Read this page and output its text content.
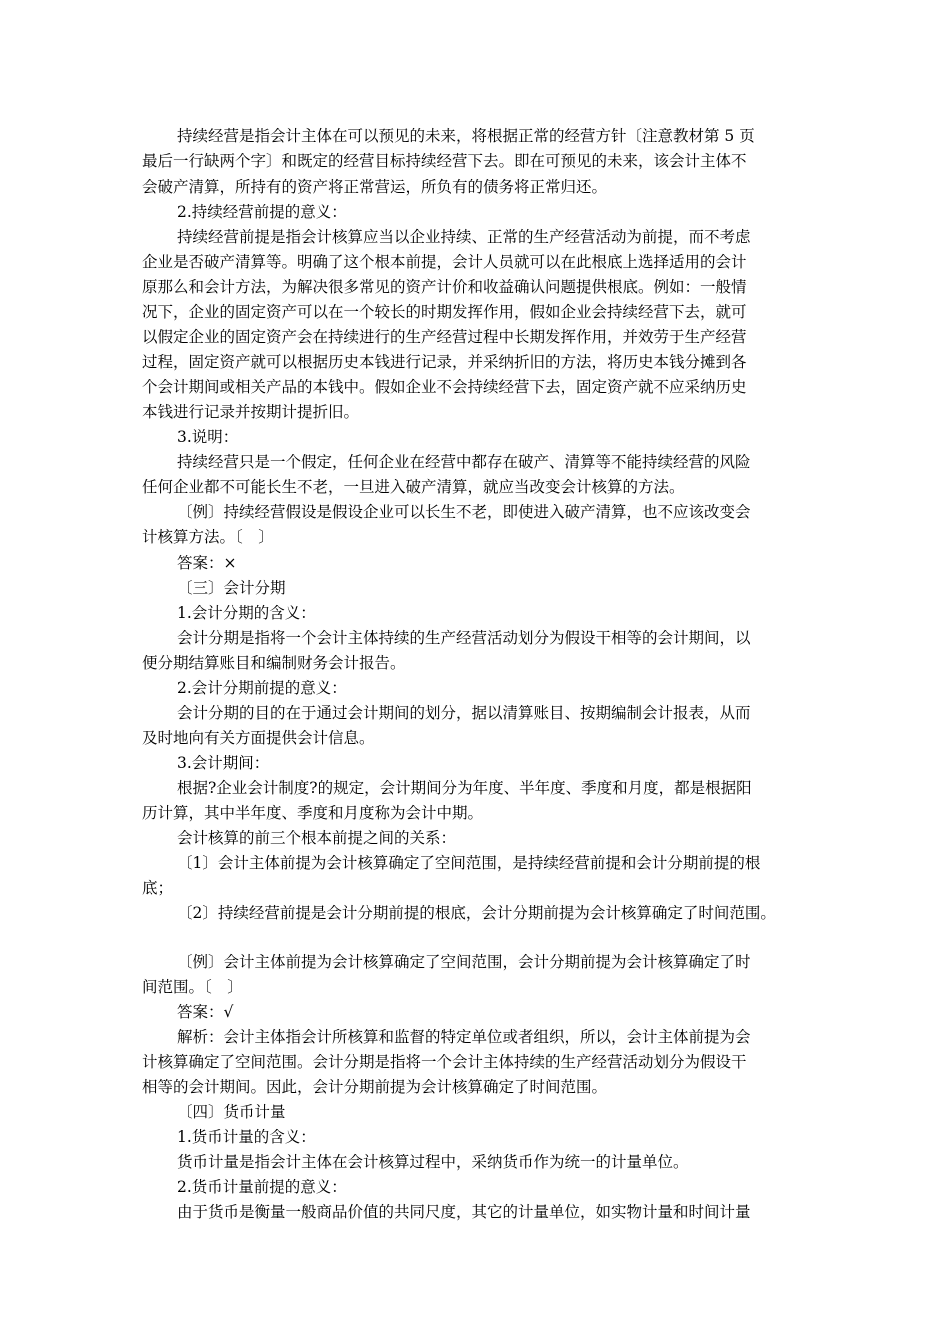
持续经营是指会计主体在可以预见的未来，将根据正常的经营方针〔注意教材第 5 页
最后一行缺两个字〕和既定的经营目标持续经营下去。即在可预见的未来，该会计主体不
会破产清算，所持有的资产将正常营运，所负有的债务将正常归还。
2.持续经营前提的意义：
持续经营前提是指会计核算应当以企业持续、正常的生产经营活动为前提，而不考虑
企业是否破产清算等。明确了这个根本前提，会计人员就可以在此根底上选择适用的会计
原那么和会计方法，为解决很多常见的资产计价和收益确认问题提供根底。例如：一般情
况下，企业的固定资产可以在一个较长的时期发挥作用，假如企业会持续经营下去，就可
以假定企业的固定资产会在持续进行的生产经营过程中长期发挥作用，并效劳于生产经营
过程，固定资产就可以根据历史本钱进行记录，并采纳折旧的方法，将历史本钱分摊到各
个会计期间或相关产品的本钱中。假如企业不会持续经营下去，固定资产就不应采纳历史
本钱进行记录并按期计提折旧。
3.说明：
持续经营只是一个假定，任何企业在经营中都存在破产、清算等不能持续经营的风险
任何企业都不可能长生不老，一旦进入破产清算，就应当改变会计核算的方法。
〔例〕持续经营假设是假设企业可以长生不老，即使进入破产清算，也不应该改变会
计核算方法。〔　〕
答案：×
〔三〕会计分期
1.会计分期的含义：
会计分期是指将一个会计主体持续的生产经营活动划分为假设干相等的会计期间，以
便分期结算账目和编制财务会计报告。
2.会计分期前提的意义：
会计分期的目的在于通过会计期间的划分，据以清算账目、按期编制会计报表，从而
及时地向有关方面提供会计信息。
3.会计期间：
根据?企业会计制度?的规定，会计期间分为年度、半年度、季度和月度，都是根据阳
历计算，其中半年度、季度和月度称为会计中期。
会计核算的前三个根本前提之间的关系：
〔1〕会计主体前提为会计核算确定了空间范围，是持续经营前提和会计分期前提的根
底；
〔2〕持续经营前提是会计分期前提的根底，会计分期前提为会计核算确定了时间范围。
〔例〕会计主体前提为会计核算确定了空间范围，会计分期前提为会计核算确定了时
间范围。〔　〕
答案：√
解析：会计主体指会计所核算和监督的特定单位或者组织，所以，会计主体前提为会
计核算确定了空间范围。会计分期是指将一个会计主体持续的生产经营活动划分为假设干
相等的会计期间。因此，会计分期前提为会计核算确定了时间范围。
〔四〕货币计量
1.货币计量的含义：
货币计量是指会计主体在会计核算过程中，采纳货币作为统一的计量单位。
2.货币计量前提的意义：
由于货币是衡量一般商品价值的共同尺度，其它的计量单位，如实物计量和时间计量
